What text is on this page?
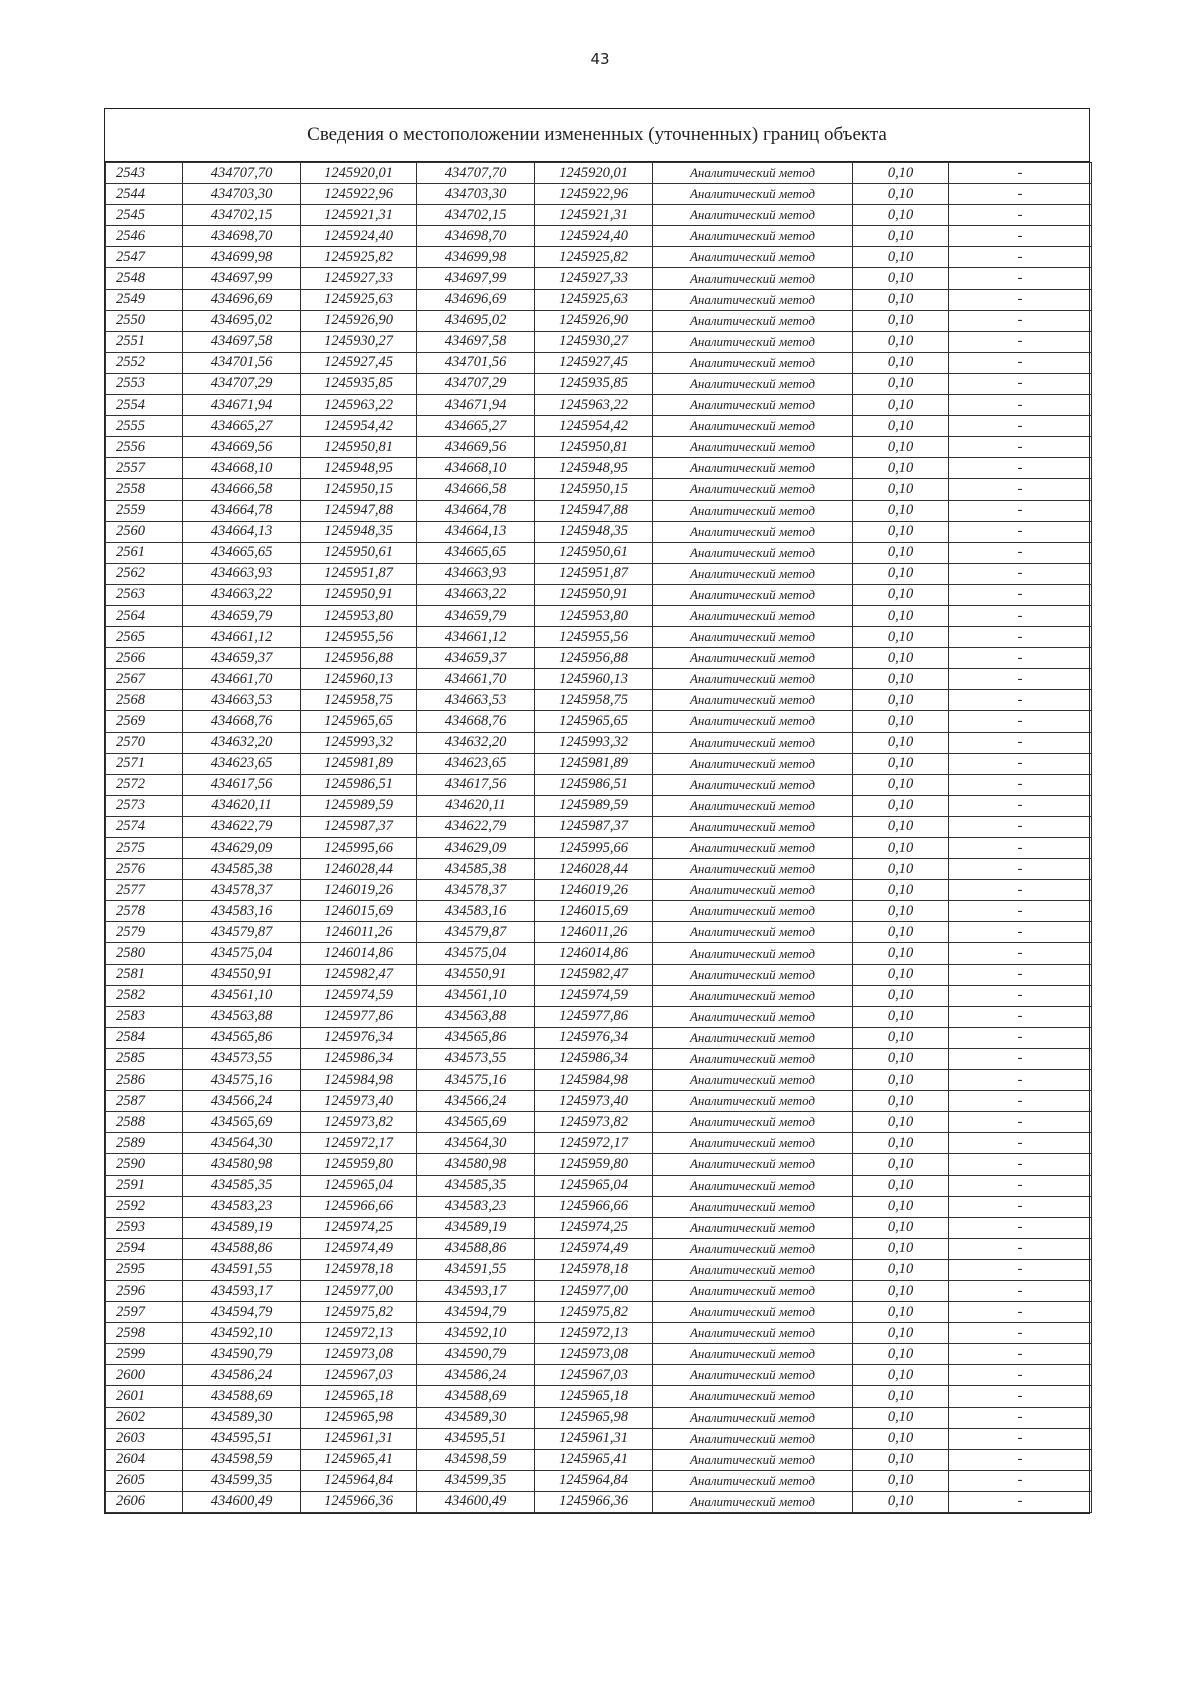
43
Сведения о местоположении измененных (уточненных) границ объекта
2543	434707,70	1245920,01	434707,70	1245920,01	Аналитический метод	0,10	-
2544	434703,30	1245922,96	434703,30	1245922,96	Аналитический метод	0,10	-
2545	434702,15	1245921,31	434702,15	1245921,31	Аналитический метод	0,10	-
2546	434698,70	1245924,40	434698,70	1245924,40	Аналитический метод	0,10	-
2547	434699,98	1245925,82	434699,98	1245925,82	Аналитический метод	0,10	-
2548	434697,99	1245927,33	434697,99	1245927,33	Аналитический метод	0,10	-
2549	434696,69	1245925,63	434696,69	1245925,63	Аналитический метод	0,10	-
2550	434695,02	1245926,90	434695,02	1245926,90	Аналитический метод	0,10	-
2551	434697,58	1245930,27	434697,58	1245930,27	Аналитический метод	0,10	-
2552	434701,56	1245927,45	434701,56	1245927,45	Аналитический метод	0,10	-
2553	434707,29	1245935,85	434707,29	1245935,85	Аналитический метод	0,10	-
2554	434671,94	1245963,22	434671,94	1245963,22	Аналитический метод	0,10	-
2555	434665,27	1245954,42	434665,27	1245954,42	Аналитический метод	0,10	-
2556	434669,56	1245950,81	434669,56	1245950,81	Аналитический метод	0,10	-
2557	434668,10	1245948,95	434668,10	1245948,95	Аналитический метод	0,10	-
2558	434666,58	1245950,15	434666,58	1245950,15	Аналитический метод	0,10	-
2559	434664,78	1245947,88	434664,78	1245947,88	Аналитический метод	0,10	-
2560	434664,13	1245948,35	434664,13	1245948,35	Аналитический метод	0,10	-
2561	434665,65	1245950,61	434665,65	1245950,61	Аналитический метод	0,10	-
2562	434663,93	1245951,87	434663,93	1245951,87	Аналитический метод	0,10	-
2563	434663,22	1245950,91	434663,22	1245950,91	Аналитический метод	0,10	-
2564	434659,79	1245953,80	434659,79	1245953,80	Аналитический метод	0,10	-
2565	434661,12	1245955,56	434661,12	1245955,56	Аналитический метод	0,10	-
2566	434659,37	1245956,88	434659,37	1245956,88	Аналитический метод	0,10	-
2567	434661,70	1245960,13	434661,70	1245960,13	Аналитический метод	0,10	-
2568	434663,53	1245958,75	434663,53	1245958,75	Аналитический метод	0,10	-
2569	434668,76	1245965,65	434668,76	1245965,65	Аналитический метод	0,10	-
2570	434632,20	1245993,32	434632,20	1245993,32	Аналитический метод	0,10	-
2571	434623,65	1245981,89	434623,65	1245981,89	Аналитический метод	0,10	-
2572	434617,56	1245986,51	434617,56	1245986,51	Аналитический метод	0,10	-
2573	434620,11	1245989,59	434620,11	1245989,59	Аналитический метод	0,10	-
2574	434622,79	1245987,37	434622,79	1245987,37	Аналитический метод	0,10	-
2575	434629,09	1245995,66	434629,09	1245995,66	Аналитический метод	0,10	-
2576	434585,38	1246028,44	434585,38	1246028,44	Аналитический метод	0,10	-
2577	434578,37	1246019,26	434578,37	1246019,26	Аналитический метод	0,10	-
2578	434583,16	1246015,69	434583,16	1246015,69	Аналитический метод	0,10	-
2579	434579,87	1246011,26	434579,87	1246011,26	Аналитический метод	0,10	-
2580	434575,04	1246014,86	434575,04	1246014,86	Аналитический метод	0,10	-
2581	434550,91	1245982,47	434550,91	1245982,47	Аналитический метод	0,10	-
2582	434561,10	1245974,59	434561,10	1245974,59	Аналитический метод	0,10	-
2583	434563,88	1245977,86	434563,88	1245977,86	Аналитический метод	0,10	-
2584	434565,86	1245976,34	434565,86	1245976,34	Аналитический метод	0,10	-
2585	434573,55	1245986,34	434573,55	1245986,34	Аналитический метод	0,10	-
2586	434575,16	1245984,98	434575,16	1245984,98	Аналитический метод	0,10	-
2587	434566,24	1245973,40	434566,24	1245973,40	Аналитический метод	0,10	-
2588	434565,69	1245973,82	434565,69	1245973,82	Аналитический метод	0,10	-
2589	434564,30	1245972,17	434564,30	1245972,17	Аналитический метод	0,10	-
2590	434580,98	1245959,80	434580,98	1245959,80	Аналитический метод	0,10	-
2591	434585,35	1245965,04	434585,35	1245965,04	Аналитический метод	0,10	-
2592	434583,23	1245966,66	434583,23	1245966,66	Аналитический метод	0,10	-
2593	434589,19	1245974,25	434589,19	1245974,25	Аналитический метод	0,10	-
2594	434588,86	1245974,49	434588,86	1245974,49	Аналитический метод	0,10	-
2595	434591,55	1245978,18	434591,55	1245978,18	Аналитический метод	0,10	-
2596	434593,17	1245977,00	434593,17	1245977,00	Аналитический метод	0,10	-
2597	434594,79	1245975,82	434594,79	1245975,82	Аналитический метод	0,10	-
2598	434592,10	1245972,13	434592,10	1245972,13	Аналитический метод	0,10	-
2599	434590,79	1245973,08	434590,79	1245973,08	Аналитический метод	0,10	-
2600	434586,24	1245967,03	434586,24	1245967,03	Аналитический метод	0,10	-
2601	434588,69	1245965,18	434588,69	1245965,18	Аналитический метод	0,10	-
2602	434589,30	1245965,98	434589,30	1245965,98	Аналитический метод	0,10	-
2603	434595,51	1245961,31	434595,51	1245961,31	Аналитический метод	0,10	-
2604	434598,59	1245965,41	434598,59	1245965,41	Аналитический метод	0,10	-
2605	434599,35	1245964,84	434599,35	1245964,84	Аналитический метод	0,10	-
2606	434600,49	1245966,36	434600,49	1245966,36	Аналитический метод	0,10	-
